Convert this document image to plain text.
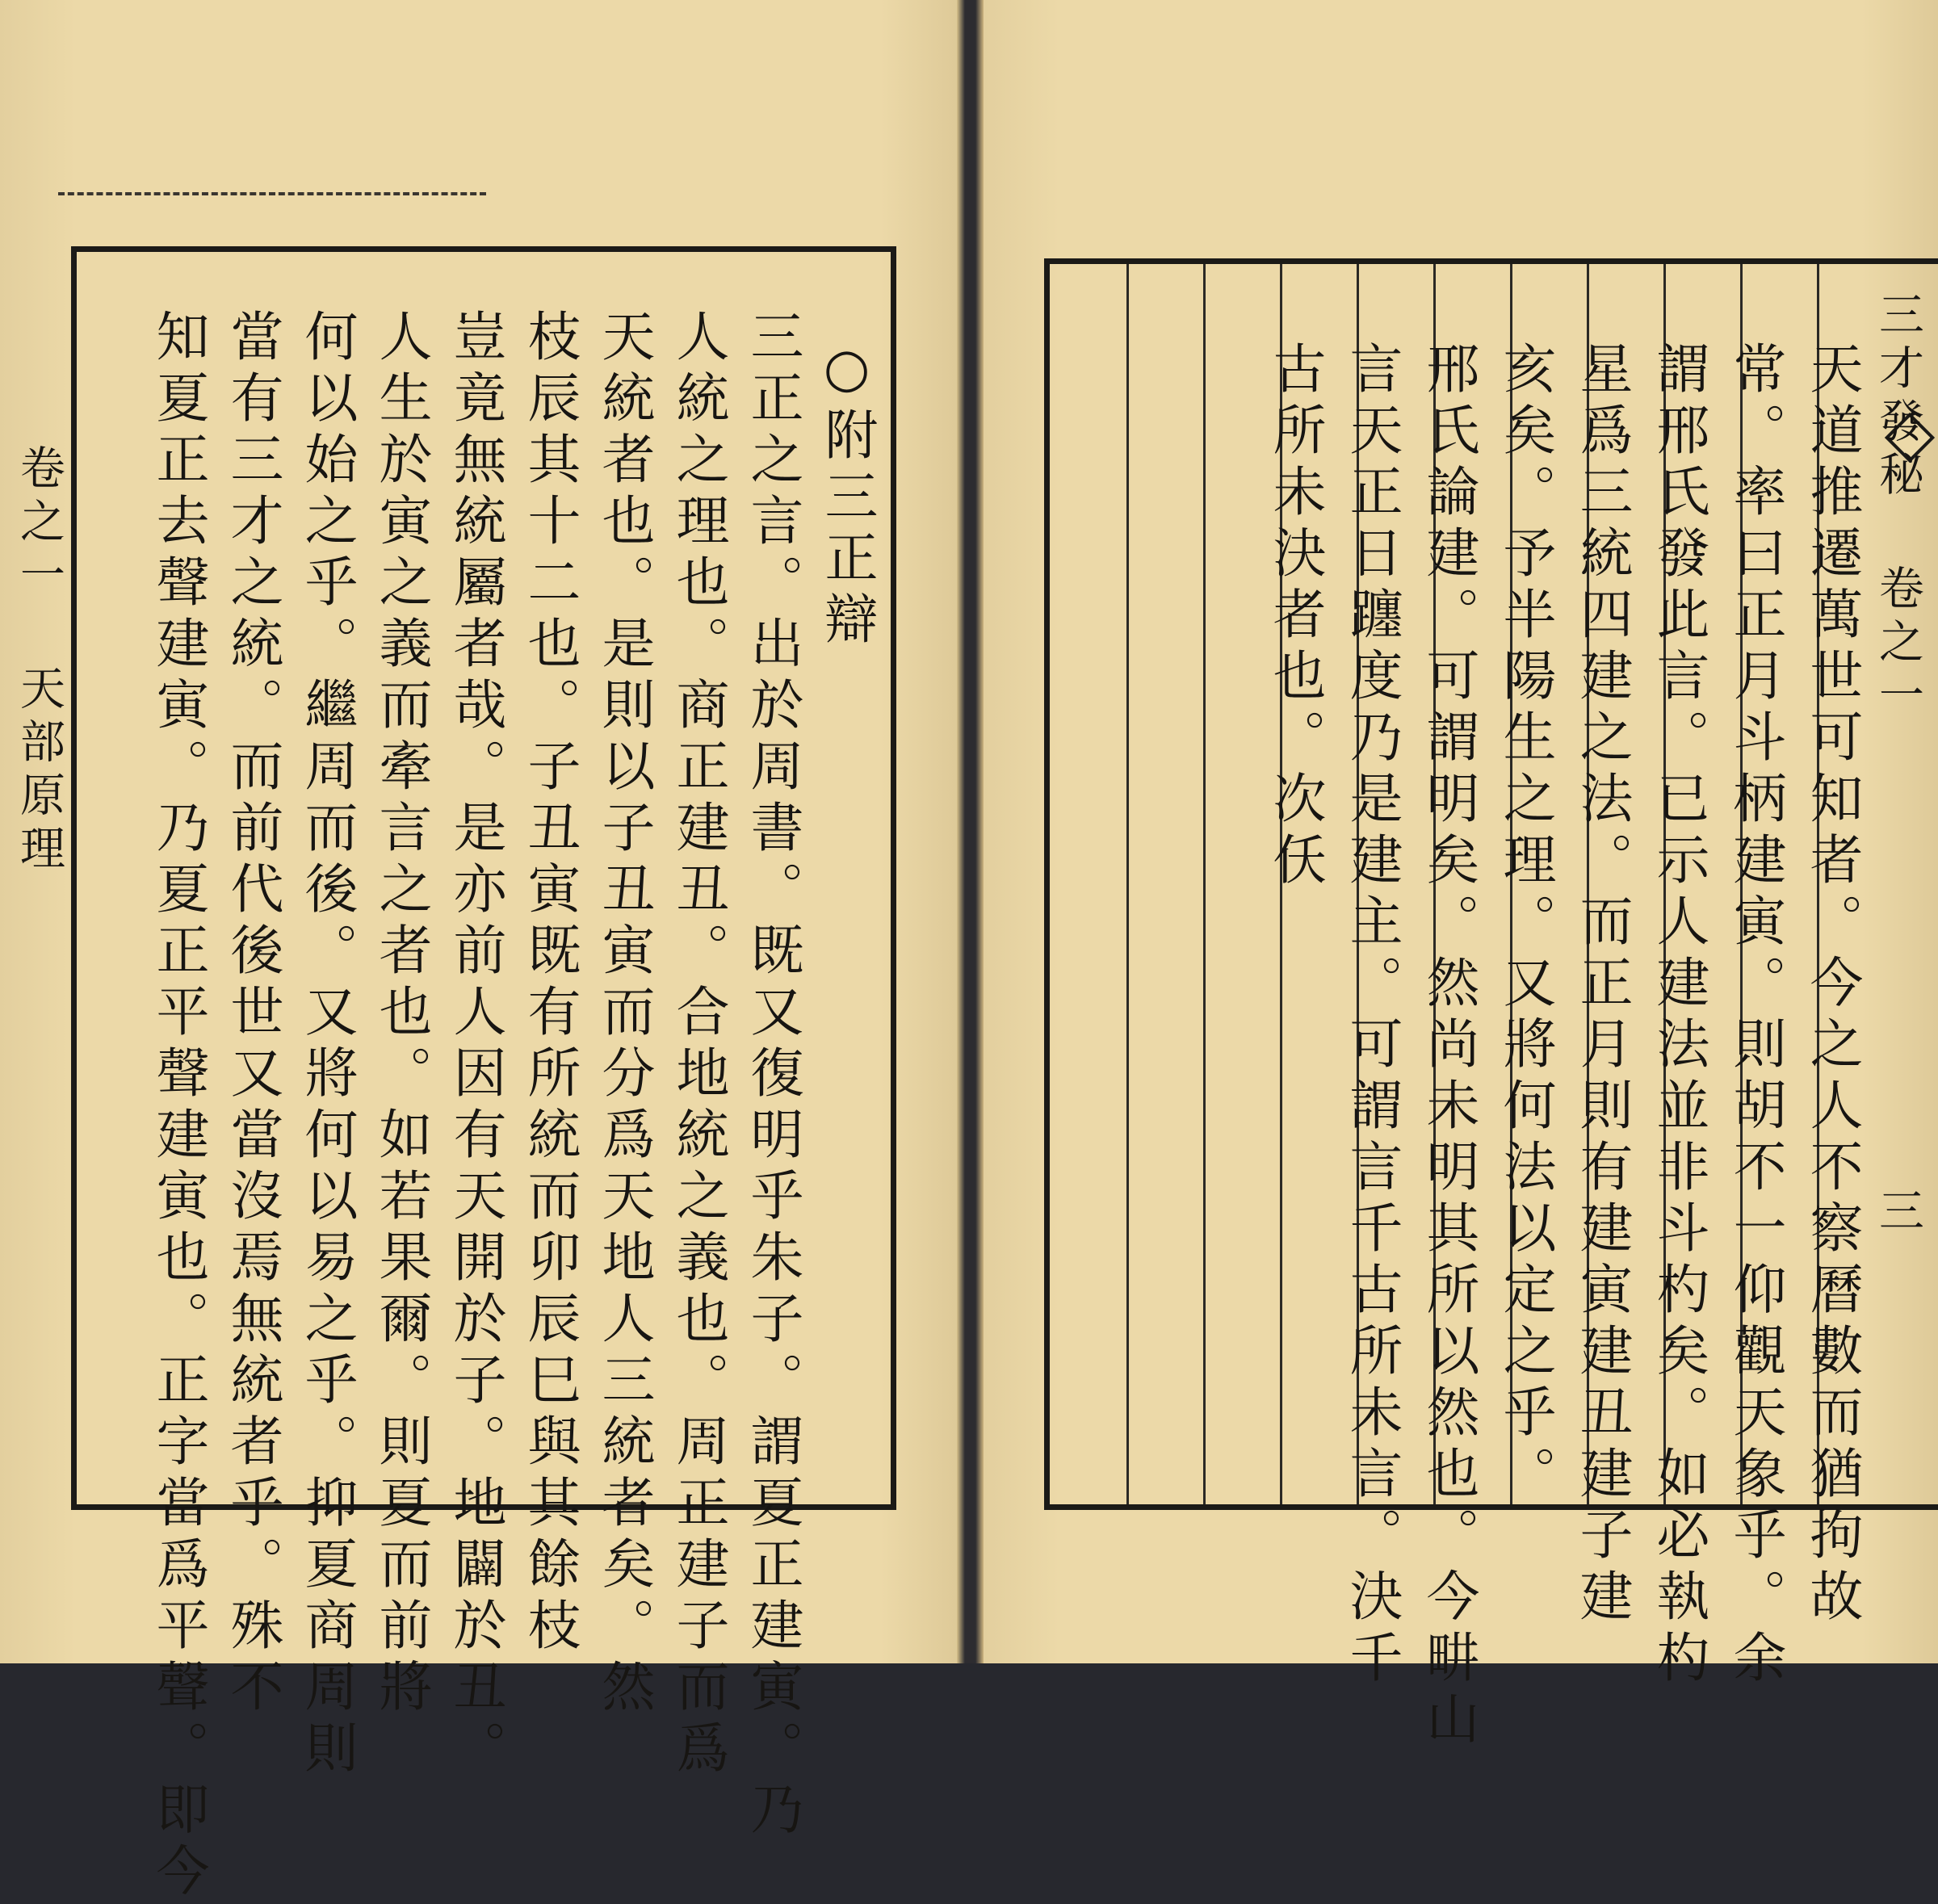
卷之一 天部原理	○附三正辯
三正之言。出於周書。既又復明乎朱子。謂夏正建寅。乃
人統之理也。商正建丑。合地統之義也。周正建子而爲
天統者也。是則以子丑寅而分爲天地人三統者矣。然
枝辰其十二也。子丑寅既有所統而卯辰巳與其餘枝
豈竟無統屬者哉。是亦前人因有天開於子。地闢於丑。
人生於寅之義而牽言之者也。如若果爾。則夏而前將
何以始之乎。繼周而後。又將何以易之乎。抑夏商周則
當有三才之統。而前代後世又當沒焉無統者乎。殊不
知夏正去聲建寅。乃夏正平聲建寅也。正字當爲平聲。即今	天道推遷萬世可知者。今之人不察曆數而猶拘故
常。率曰正月斗柄建寅。則胡不一仰觀天象乎。余
謂邢氏發此言。已示人建法並非斗杓矣。如必執杓
星爲三統四建之法。而正月則有建寅建丑建子建
亥矣。予半陽生之理。又將何法以定之乎。
邢氏論建。可謂明矣。然尚未明其所以然也。今畊山
言天正日躔度乃是建主。可謂言千古所未言。決千
古所未決者也。次仸	三才發秘 卷之一
三
